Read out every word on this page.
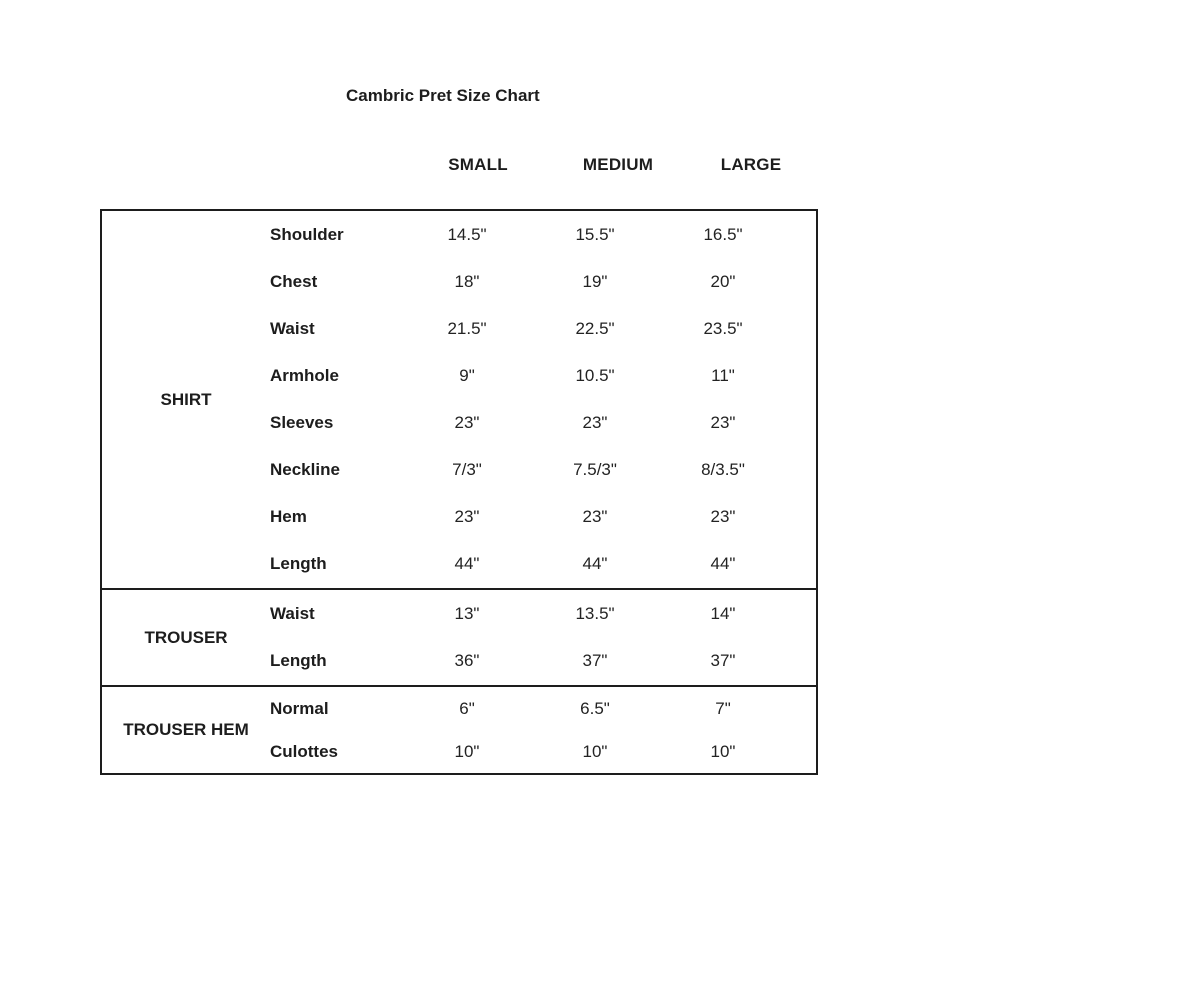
Cambric Pret Size Chart
SMALL	MEDIUM	LARGE
SHIRT
Shoulder	14.5"	15.5"	16.5"
Chest	18"	19"	20"
Waist	21.5"	22.5"	23.5"
Armhole	9"	10.5"	11"
Sleeves	23"	23"	23"
Neckline	7/3"	7.5/3"	8/3.5"
Hem	23"	23"	23"
Length	44"	44"	44"
TROUSER
Waist	13"	13.5"	14"
Length	36"	37"	37"
TROUSER HEM
Normal	6"	6.5"	7"
Culottes	10"	10"	10"
